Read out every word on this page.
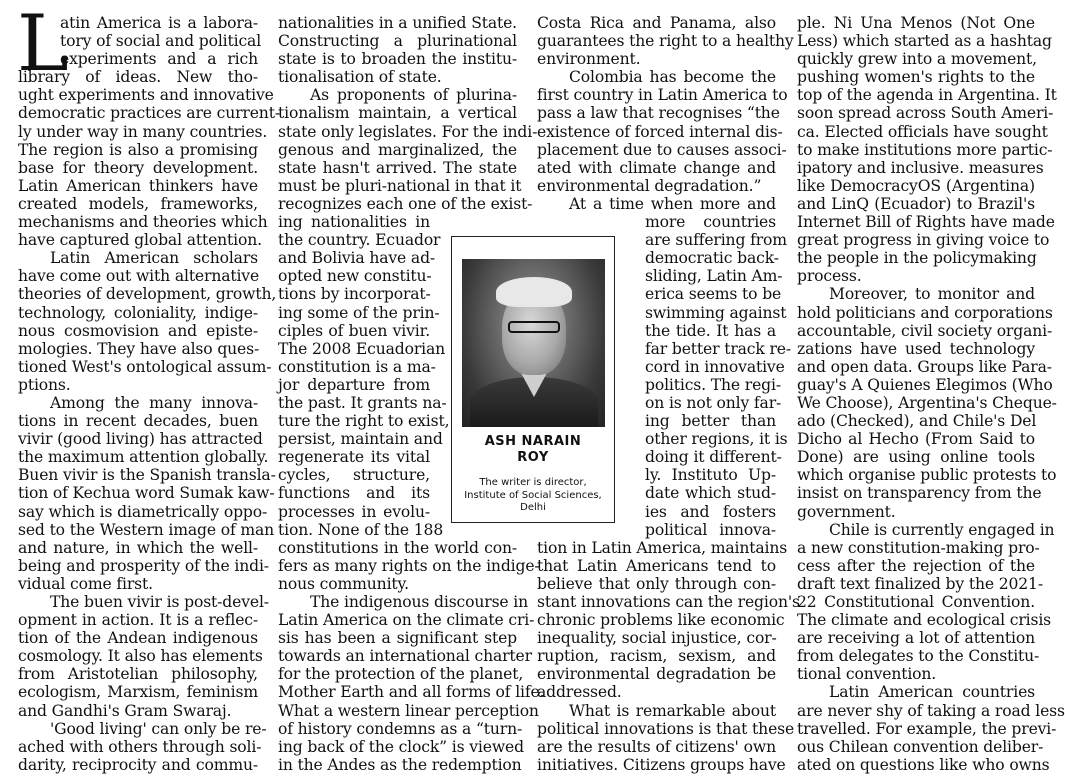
L
atin America is a labora-
tory of social and political
experiments and a rich
library of ideas. New tho-
ught experiments and innovative
democratic practices are current-
ly under way in many countries.
The region is also a promising
base for theory development.
Latin American thinkers have
created models, frameworks,
mechanisms and theories which
have captured global attention.
Latin American scholars
have come out with alternative
theories of development, growth,
technology, coloniality, indige-
nous cosmovision and episte-
mologies. They have also ques-
tioned West's ontological assum-
ptions.
Among the many innova-
tions in recent decades, buen
vivir (good living) has attracted
the maximum attention globally.
Buen vivir is the Spanish transla-
tion of Kechua word Sumak kaw-
say which is diametrically oppo-
sed to the Western image of man
and nature, in which the well-
being and prosperity of the indi-
vidual come first.
The buen vivir is post-devel-
opment in action. It is a reflec-
tion of the Andean indigenous
cosmology. It also has elements
from Aristotelian philosophy,
ecologism, Marxism, feminism
and Gandhi's Gram Swaraj.
'Good living' can only be re-
ached with others through soli-
darity, reciprocity and commu-
nationalities in a unified State.
Constructing a plurinational
state is to broaden the institu-
tionalisation of state.
As proponents of plurina-
tionalism maintain, a vertical
state only legislates. For the indi-
genous and marginalized, the
state hasn't arrived. The state
must be pluri-national in that it
recognizes each one of the exist-
ing nationalities in
the country. Ecuador
and Bolivia have ad-
opted new constitu-
tions by incorporat-
ing some of the prin-
ciples of buen vivir.
The 2008 Ecuadorian
constitution is a ma-
jor departure from
the past. It grants na-
ture the right to exist,
persist, maintain and
regenerate its vital
cycles, structure,
functions and its
processes in evolu-
tion. None of the 188
constitutions in the world con-
fers as many rights on the indige-
nous community.
The indigenous discourse in
Latin America on the climate cri-
sis has been a significant step
towards an international charter
for the protection of the planet,
Mother Earth and all forms of life.
What a western linear perception
of history condemns as a “turn-
ing back of the clock” is viewed
in the Andes as the redemption
Costa Rica and Panama, also
guarantees the right to a healthy
environment.
Colombia has become the
first country in Latin America to
pass a law that recognises “the
existence of forced internal dis-
placement due to causes associ-
ated with climate change and
environmental degradation.”
At a time when more and
more countries
are suffering from
democratic back-
sliding, Latin Am-
erica seems to be
swimming against
the tide. It has a
far better track re-
cord in innovative
politics. The regi-
on is not only far-
ing better than
other regions, it is
doing it different-
ly. Instituto Up-
date which stud-
ies and fosters
political innova-
tion in Latin America, maintains
that Latin Americans tend to
believe that only through con-
stant innovations can the region's
chronic problems like economic
inequality, social injustice, cor-
ruption, racism, sexism, and
environmental degradation be
addressed.
What is remarkable about
political innovations is that these
are the results of citizens' own
initiatives. Citizens groups have
ple. Ni Una Menos (Not One
Less) which started as a hashtag
quickly grew into a movement,
pushing women's rights to the
top of the agenda in Argentina. It
soon spread across South Ameri-
ca. Elected officials have sought
to make institutions more partic-
ipatory and inclusive. measures
like DemocracyOS (Argentina)
and LinQ (Ecuador) to Brazil's
Internet Bill of Rights have made
great progress in giving voice to
the people in the policymaking
process.
Moreover, to monitor and
hold politicians and corporations
accountable, civil society organi-
zations have used technology
and open data. Groups like Para-
guay's A Quienes Elegimos (Who
We Choose), Argentina's Cheque-
ado (Checked), and Chile's Del
Dicho al Hecho (From Said to
Done) are using online tools
which organise public protests to
insist on transparency from the
government.
Chile is currently engaged in
a new constitution-making pro-
cess after the rejection of the
draft text finalized by the 2021-
22 Constitutional Convention.
The climate and ecological crisis
are receiving a lot of attention
from delegates to the Constitu-
tional convention.
Latin American countries
are never shy of taking a road less
travelled. For example, the previ-
ous Chilean convention deliber-
ated on questions like who owns
ASH NARAIN
ROY
The writer is director,
Institute of Social Sciences,
Delhi
